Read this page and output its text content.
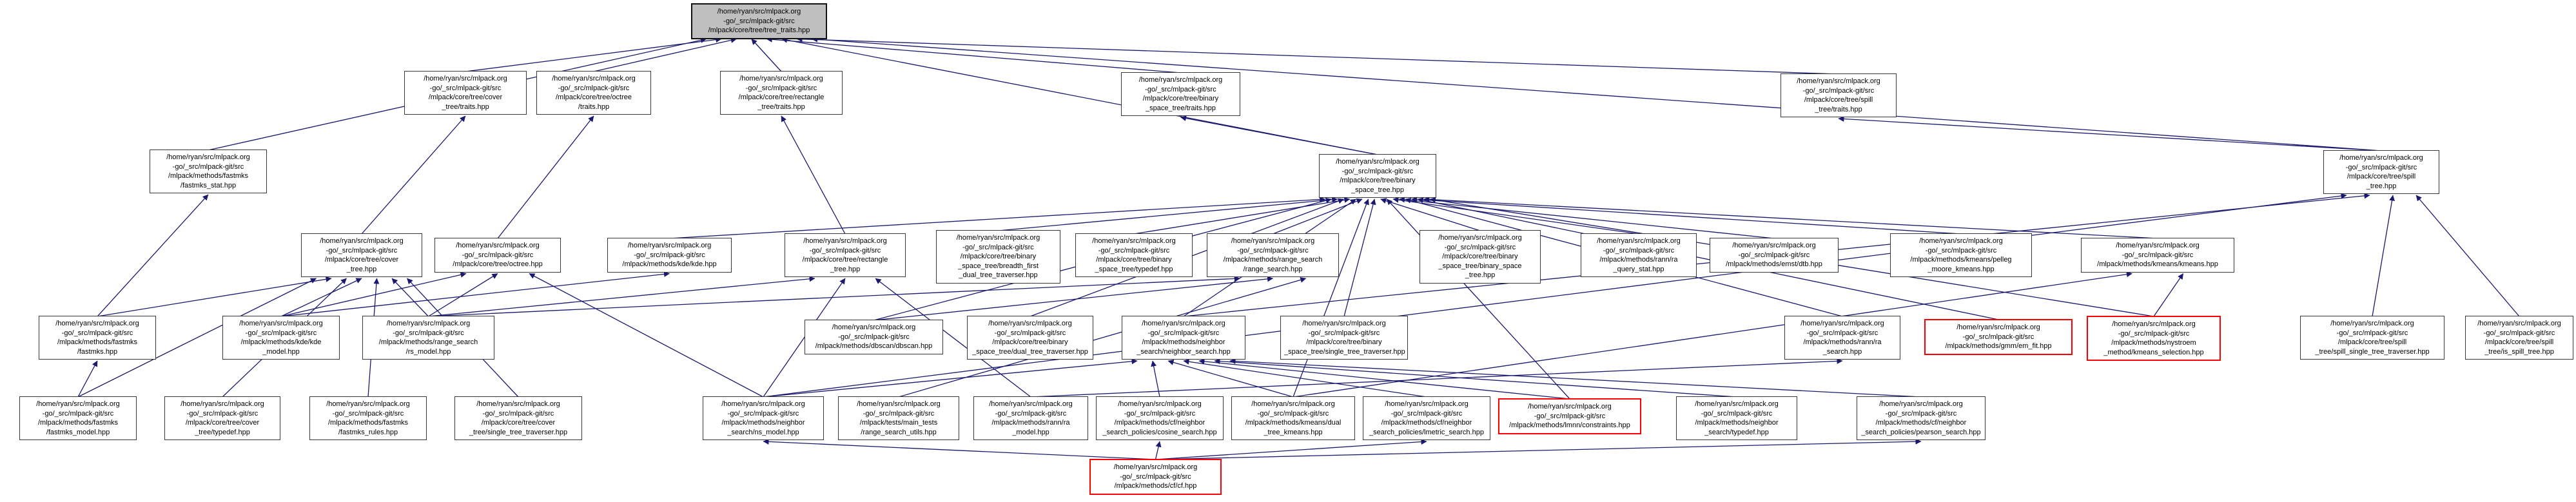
/home/ryan/src/mlpack.org
-go/_src/mlpack-git/src
/mlpack/core/tree/tree_traits.hpp
/home/ryan/src/mlpack.org
-go/_src/mlpack-git/src
/mlpack/core/tree/cover
_tree/traits.hpp
/home/ryan/src/mlpack.org
-go/_src/mlpack-git/src
/mlpack/core/tree/octree
/traits.hpp
/home/ryan/src/mlpack.org
-go/_src/mlpack-git/src
/mlpack/core/tree/rectangle
_tree/traits.hpp
/home/ryan/src/mlpack.org
-go/_src/mlpack-git/src
/mlpack/core/tree/binary
_space_tree/traits.hpp
/home/ryan/src/mlpack.org
-go/_src/mlpack-git/src
/mlpack/core/tree/spill
_tree/traits.hpp
/home/ryan/src/mlpack.org
-go/_src/mlpack-git/src
/mlpack/methods/fastmks
/fastmks_stat.hpp
/home/ryan/src/mlpack.org
-go/_src/mlpack-git/src
/mlpack/core/tree/binary
_space_tree.hpp
/home/ryan/src/mlpack.org
-go/_src/mlpack-git/src
/mlpack/core/tree/spill
_tree.hpp
/home/ryan/src/mlpack.org
-go/_src/mlpack-git/src
/mlpack/core/tree/cover
_tree.hpp
/home/ryan/src/mlpack.org
-go/_src/mlpack-git/src
/mlpack/core/tree/octree.hpp
/home/ryan/src/mlpack.org
-go/_src/mlpack-git/src
/mlpack/methods/kde/kde.hpp
/home/ryan/src/mlpack.org
-go/_src/mlpack-git/src
/mlpack/core/tree/rectangle
_tree.hpp
/home/ryan/src/mlpack.org
-go/_src/mlpack-git/src
/mlpack/core/tree/binary
_space_tree/breadth_first
_dual_tree_traverser.hpp
/home/ryan/src/mlpack.org
-go/_src/mlpack-git/src
/mlpack/core/tree/binary
_space_tree/typedef.hpp
/home/ryan/src/mlpack.org
-go/_src/mlpack-git/src
/mlpack/methods/range_search
/range_search.hpp
/home/ryan/src/mlpack.org
-go/_src/mlpack-git/src
/mlpack/core/tree/binary
_space_tree/binary_space
_tree.hpp
/home/ryan/src/mlpack.org
-go/_src/mlpack-git/src
/mlpack/methods/rann/ra
_query_stat.hpp
/home/ryan/src/mlpack.org
-go/_src/mlpack-git/src
/mlpack/methods/emst/dtb.hpp
/home/ryan/src/mlpack.org
-go/_src/mlpack-git/src
/mlpack/methods/kmeans/pelleg
_moore_kmeans.hpp
/home/ryan/src/mlpack.org
-go/_src/mlpack-git/src
/mlpack/methods/kmeans/kmeans.hpp
/home/ryan/src/mlpack.org
-go/_src/mlpack-git/src
/mlpack/methods/fastmks
/fastmks.hpp
/home/ryan/src/mlpack.org
-go/_src/mlpack-git/src
/mlpack/methods/kde/kde
_model.hpp
/home/ryan/src/mlpack.org
-go/_src/mlpack-git/src
/mlpack/methods/range_search
/rs_model.hpp
/home/ryan/src/mlpack.org
-go/_src/mlpack-git/src
/mlpack/methods/dbscan/dbscan.hpp
/home/ryan/src/mlpack.org
-go/_src/mlpack-git/src
/mlpack/core/tree/binary
_space_tree/dual_tree_traverser.hpp
/home/ryan/src/mlpack.org
-go/_src/mlpack-git/src
/mlpack/methods/neighbor
_search/neighbor_search.hpp
/home/ryan/src/mlpack.org
-go/_src/mlpack-git/src
/mlpack/core/tree/binary
_space_tree/single_tree_traverser.hpp
/home/ryan/src/mlpack.org
-go/_src/mlpack-git/src
/mlpack/methods/rann/ra
_search.hpp
/home/ryan/src/mlpack.org
-go/_src/mlpack-git/src
/mlpack/methods/gmm/em_fit.hpp
/home/ryan/src/mlpack.org
-go/_src/mlpack-git/src
/mlpack/methods/nystroem
_method/kmeans_selection.hpp
/home/ryan/src/mlpack.org
-go/_src/mlpack-git/src
/mlpack/core/tree/spill
_tree/spill_single_tree_traverser.hpp
/home/ryan/src/mlpack.org
-go/_src/mlpack-git/src
/mlpack/core/tree/spill
_tree/is_spill_tree.hpp
/home/ryan/src/mlpack.org
-go/_src/mlpack-git/src
/mlpack/methods/fastmks
/fastmks_model.hpp
/home/ryan/src/mlpack.org
-go/_src/mlpack-git/src
/mlpack/core/tree/cover
_tree/typedef.hpp
/home/ryan/src/mlpack.org
-go/_src/mlpack-git/src
/mlpack/methods/fastmks
/fastmks_rules.hpp
/home/ryan/src/mlpack.org
-go/_src/mlpack-git/src
/mlpack/core/tree/cover
_tree/single_tree_traverser.hpp
/home/ryan/src/mlpack.org
-go/_src/mlpack-git/src
/mlpack/methods/neighbor
_search/ns_model.hpp
/home/ryan/src/mlpack.org
-go/_src/mlpack-git/src
/mlpack/tests/main_tests
/range_search_utils.hpp
/home/ryan/src/mlpack.org
-go/_src/mlpack-git/src
/mlpack/methods/rann/ra
_model.hpp
/home/ryan/src/mlpack.org
-go/_src/mlpack-git/src
/mlpack/methods/cf/neighbor
_search_policies/cosine_search.hpp
/home/ryan/src/mlpack.org
-go/_src/mlpack-git/src
/mlpack/methods/kmeans/dual
_tree_kmeans.hpp
/home/ryan/src/mlpack.org
-go/_src/mlpack-git/src
/mlpack/methods/cf/neighbor
_search_policies/lmetric_search.hpp
/home/ryan/src/mlpack.org
-go/_src/mlpack-git/src
/mlpack/methods/lmnn/constraints.hpp
/home/ryan/src/mlpack.org
-go/_src/mlpack-git/src
/mlpack/methods/neighbor
_search/typedef.hpp
/home/ryan/src/mlpack.org
-go/_src/mlpack-git/src
/mlpack/methods/cf/neighbor
_search_policies/pearson_search.hpp
/home/ryan/src/mlpack.org
-go/_src/mlpack-git/src
/mlpack/methods/cf/cf.hpp
